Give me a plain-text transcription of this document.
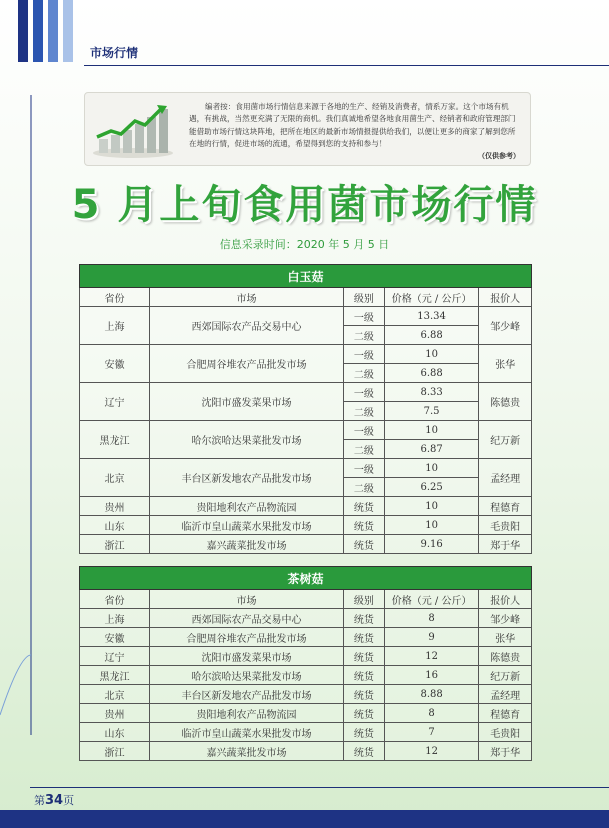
市场行情
编者按：食用菌市场行情信息来源于各地的生产、经销及消费者，情系万家。这个市场有机遇，有挑战，当然更充满了无限的商机。我们真诚地希望各地食用菌生产、经销者和政府管理部门能借助市场行情这块阵地，把所在地区的最新市场情报提供给我们，以便让更多的商家了解到您所在地的行情，促进市场的流通，希望得到您的支持和参与！
（仅供参考）
5 月上旬食用菌市场行情
信息采录时间：2020 年 5 月 5 日
白玉菇				
省份	市场	级别	价格（元 / 公斤）	报价人
上海	西郊国际农产品交易中心	一级	13.34	邹少峰
		二级	6.88	
安徽	合肥周谷堆农产品批发市场	一级	10	张华
		二级	6.88	
辽宁	沈阳市盛发菜果市场	一级	8.33	陈德贵
		二级	7.5	
黑龙江	哈尔滨哈达果菜批发市场	一级	10	纪万新
		二级	6.87	
北京	丰台区新发地农产品批发市场	一级	10	孟经理
		二级	6.25	
贵州	贵阳地利农产品物流园	统货	10	程德育
山东	临沂市皇山蔬菜水果批发市场	统货	10	毛贵阳
浙江	嘉兴蔬菜批发市场	统货	9.16	郑于华
茶树菇				
省份	市场	级别	价格（元 / 公斤）	报价人
上海	西郊国际农产品交易中心	统货	8	邹少峰
安徽	合肥周谷堆农产品批发市场	统货	9	张华
辽宁	沈阳市盛发菜果市场	统货	12	陈德贵
黑龙江	哈尔滨哈达果菜批发市场	统货	16	纪万新
北京	丰台区新发地农产品批发市场	统货	8.88	孟经理
贵州	贵阳地利农产品物流园	统货	8	程德育
山东	临沂市皇山蔬菜水果批发市场	统货	7	毛贵阳
浙江	嘉兴蔬菜批发市场	统货	12	郑于华
第34页
